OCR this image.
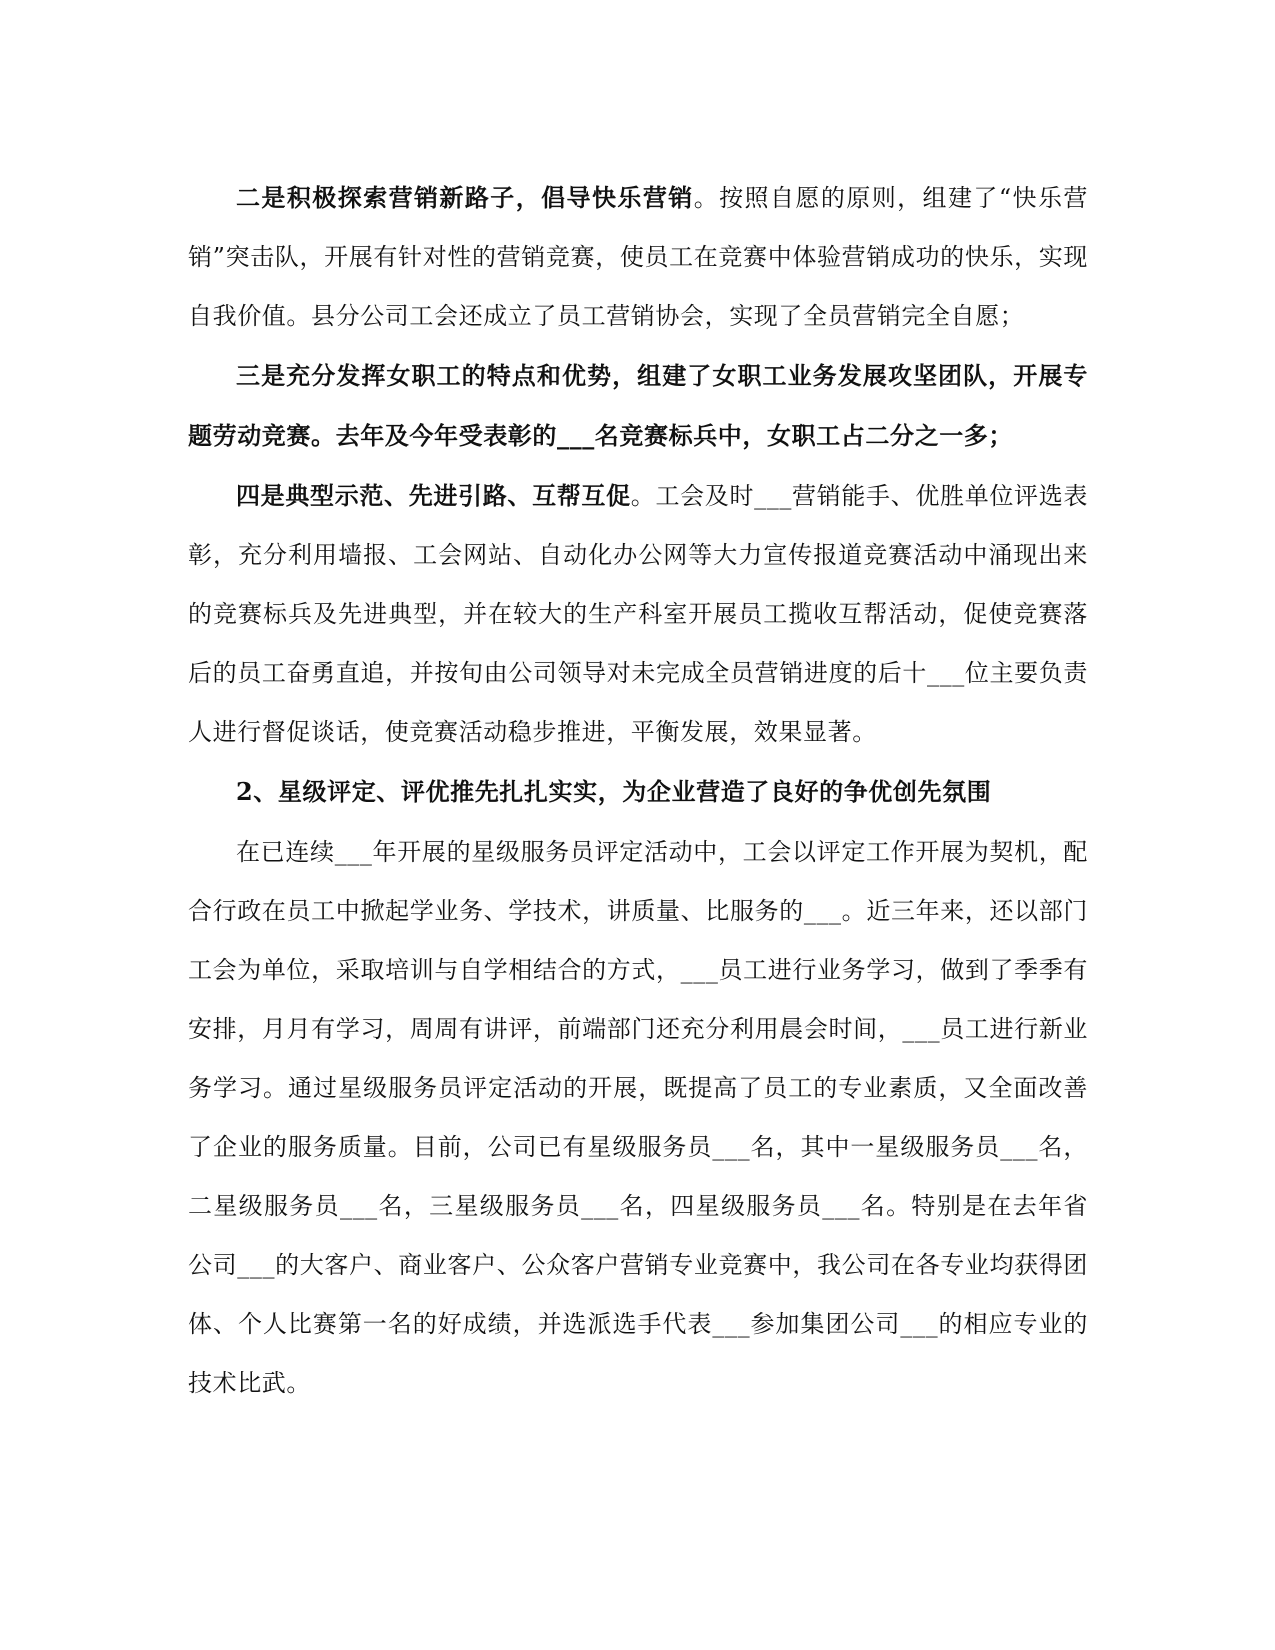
二是积极探索营销新路子，倡导快乐营销。按照自愿的原则，组建了“快乐营销”突击队，开展有针对性的营销竞赛，使员工在竞赛中体验营销成功的快乐，实现自我价值。县分公司工会还成立了员工营销协会，实现了全员营销完全自愿；

三是充分发挥女职工的特点和优势，组建了女职工业务发展攻坚团队，开展专题劳动竞赛。去年及今年受表彰的___名竞赛标兵中，女职工占二分之一多；

四是典型示范、先进引路、互帮互促。工会及时___营销能手、优胜单位评选表彰，充分利用墙报、工会网站、自动化办公网等大力宣传报道竞赛活动中涌现出来的竞赛标兵及先进典型，并在较大的生产科室开展员工揽收互帮活动，促使竞赛落后的员工奋勇直追，并按旬由公司领导对未完成全员营销进度的后十___位主要负责人进行督促谈话，使竞赛活动稳步推进，平衡发展，效果显著。

2、星级评定、评优推先扎扎实实，为企业营造了良好的争优创先氛围

在已连续___年开展的星级服务员评定活动中，工会以评定工作开展为契机，配合行政在员工中掀起学业务、学技术，讲质量、比服务的___。近三年来，还以部门工会为单位，采取培训与自学相结合的方式，___员工进行业务学习，做到了季季有安排，月月有学习，周周有讲评，前端部门还充分利用晨会时间，___员工进行新业务学习。通过星级服务员评定活动的开展，既提高了员工的专业素质，又全面改善了企业的服务质量。目前，公司已有星级服务员___名，其中一星级服务员___名，二星级服务员___名，三星级服务员___名，四星级服务员___名。特别是在去年省公司___的大客户、商业客户、公众客户营销专业竞赛中，我公司在各专业均获得团体、个人比赛第一名的好成绩，并选派选手代表___参加集团公司___的相应专业的技术比武。
